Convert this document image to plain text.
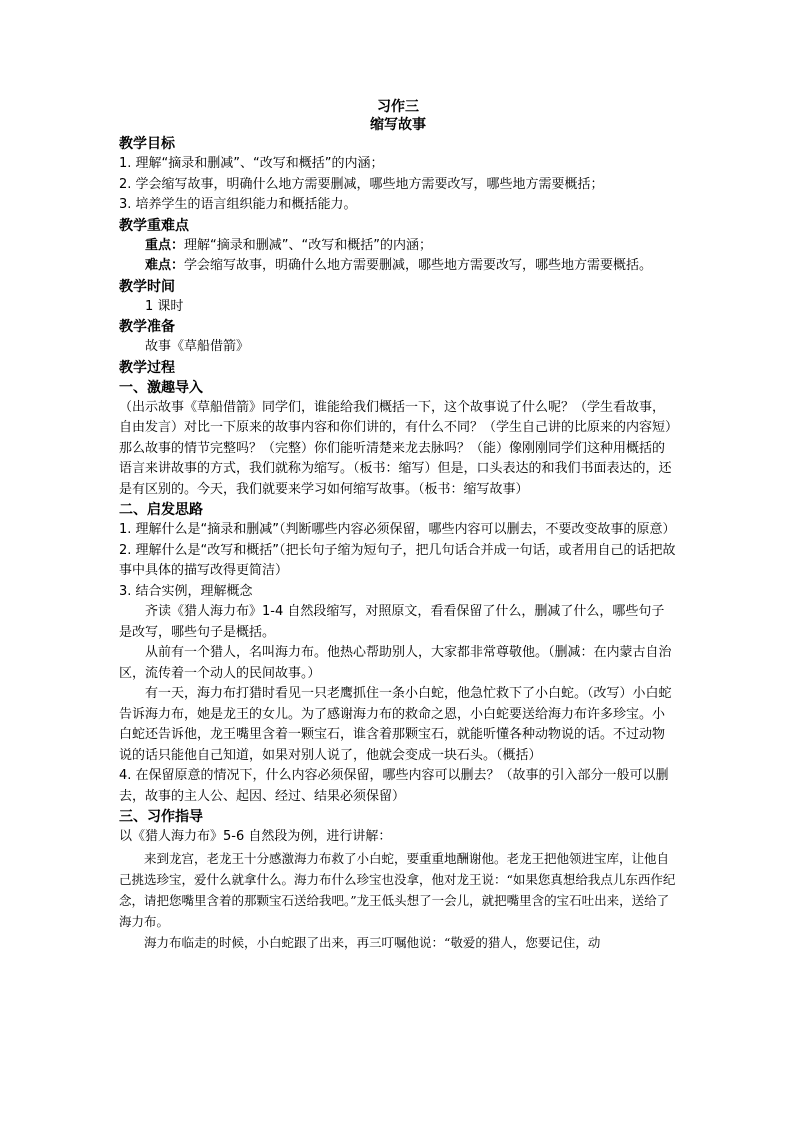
习作三
缩写故事
教学目标

1. 理解“摘录和删减”、“改写和概括”的内涵；

2. 学会缩写故事，明确什么地方需要删减，哪些地方需要改写，哪些地方需要概括；

3. 培养学生的语言组织能力和概括能力。

教学重难点

重点：理解“摘录和删减”、“改写和概括”的内涵；

难点：学会缩写故事，明确什么地方需要删减，哪些地方需要改写，哪些地方需要概括。

教学时间

1 课时

教学准备

故事《草船借箭》

教学过程
一、激趣导入

（出示故事《草船借箭》同学们，谁能给我们概括一下，这个故事说了什么呢？（学生看故事，自由发言）对比一下原来的故事内容和你们讲的，有什么不同？（学生自己讲的比原来的内容短）那么故事的情节完整吗？（完整）你们能听清楚来龙去脉吗？（能）像刚刚同学们这种用概括的语言来讲故事的方式，我们就称为缩写。（板书：缩写）但是，口头表达的和我们书面表达的，还是有区别的。今天，我们就要来学习如何缩写故事。（板书：缩写故事）

二、启发思路

1. 理解什么是“摘录和删减”（判断哪些内容必须保留，哪些内容可以删去，不要改变故事的原意）

2. 理解什么是“改写和概括”（把长句子缩为短句子，把几句话合并成一句话，或者用自己的话把故事中具体的描写改得更简洁）

3. 结合实例，理解概念

齐读《猎人海力布》1-4 自然段缩写，对照原文，看看保留了什么，删减了什么，哪些句子是改写，哪些句子是概括。

从前有一个猎人，名叫海力布。他热心帮助别人，大家都非常尊敬他。（删减：在内蒙古自治区，流传着一个动人的民间故事。）

有一天，海力布打猎时看见一只老鹰抓住一条小白蛇，他急忙救下了小白蛇。（改写）小白蛇告诉海力布，她是龙王的女儿。为了感谢海力布的救命之恩，小白蛇要送给海力布许多珍宝。小白蛇还告诉他，龙王嘴里含着一颗宝石，谁含着那颗宝石，就能听懂各种动物说的话。不过动物说的话只能他自己知道，如果对别人说了，他就会变成一块石头。（概括）

4. 在保留原意的情况下，什么内容必须保留，哪些内容可以删去？（故事的引入部分一般可以删去，故事的主人公、起因、经过、结果必须保留）

三、习作指导

以《猎人海力布》5-6 自然段为例，进行讲解：

来到龙宫，老龙王十分感激海力布救了小白蛇，要重重地酬谢他。老龙王把他领进宝库，让他自己挑选珍宝，爱什么就拿什么。海力布什么珍宝也没拿，他对龙王说：“如果您真想给我点儿东西作纪念，请把您嘴里含着的那颗宝石送给我吧。”龙王低头想了一会儿，就把嘴里含的宝石吐出来，送给了海力布。

海力布临走的时候，小白蛇跟了出来，再三叮嘱他说：“敬爱的猎人，您要记住，动
